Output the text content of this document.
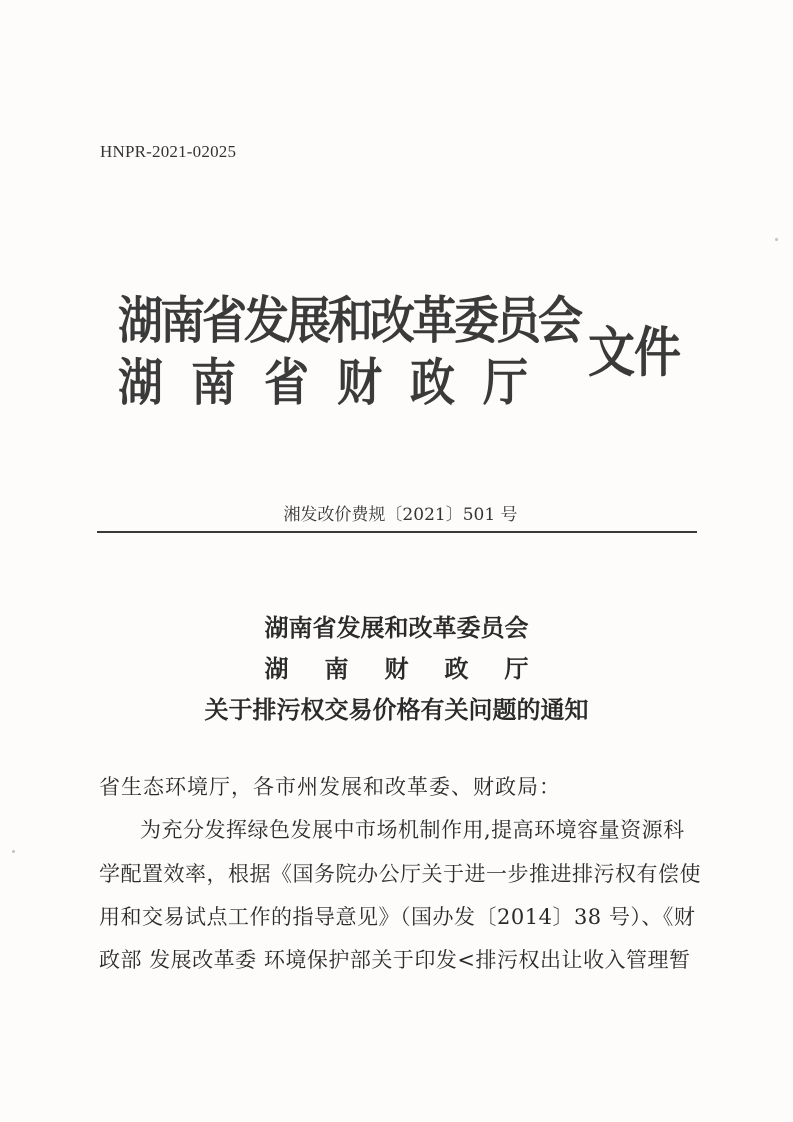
HNPR-2021-02025
湖南省发展和改革委员会
湖南省财政厅 文件
湘发改价费规〔2021〕501 号
湖南省发展和改革委员会
湖南财政厅
关于排污权交易价格有关问题的通知
省生态环境厅，各市州发展和改革委、财政局：
为充分发挥绿色发展中市场机制作用,提高环境容量资源科
学配置效率，根据《国务院办公厅关于进一步推进排污权有偿使
用和交易试点工作的指导意见》（国办发〔2014〕38 号）、《财
政部 发展改革委 环境保护部关于印发<排污权出让收入管理暂
